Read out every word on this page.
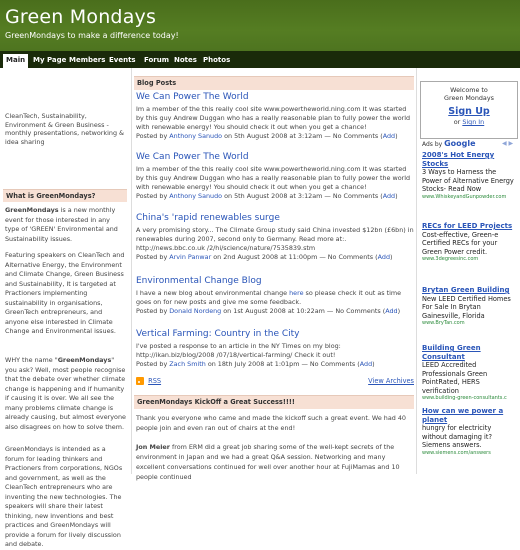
Green Mondays
GreenMondays to make a difference today!
Main	My Page Members Events	Forum Notes Photos
CleanTech, Sustainability, Environment & Green Business - monthly presentations, networking & idea sharing
What is GreenMondays?
GreenMondays is a new monthly event for those interested in any type of 'GREEN' Environmental and Sustainability issues.
Featuring speakers on CleanTech and Alternative Energy, the Environment and Climate Change, Green Business and Sustainability, It is targeted at Practioners implementing sustainability in organisations, GreenTech entrepreneurs, and anyone else interested in Climate Change and Environmental issues.
WHY the name "GreenMondays" you ask? Well, most people recognise that the debate over whether climate change is happening and if humanity if causing it is over. We all see the many problems climate change is already causing, but almost everyone also disagrees on how to solve them.
GreenMondays is intended as a forum for leading thinkers and Practioners from corporations, NGOs and government, as well as the CleanTech entrepreneurs who are inventing the new technologies. The speakers will share their latest thinking, new inventions and best practices and GreenMondays will provide a forum for lively discussion and debate.
Blog Posts
We Can Power The World
Im a member of the this really cool site www.powertheworld.ning.com It was started by this guy Andrew Duggan who has a really reasonable plan to fully power the world with renewable energy! You should check it out when you get a chance!
Posted by Anthony Sanudo on 5th August 2008 at 3:12am — No Comments (Add)
We Can Power The World
Im a member of the this really cool site www.powertheworld.ning.com It was started by this guy Andrew Duggan who has a really reasonable plan to fully power the world with renewable energy! You should check it out when you get a chance!
Posted by Anthony Sanudo on 5th August 2008 at 3:12am — No Comments (Add)
China's 'rapid renewables surge
A very promising story... The Climate Group study said China invested $12bn (£6bn) in renewables during 2007, second only to Germany. Read more at:. http://news.bbc.co.uk /2/hi/science/nature/7535839.stm
Posted by Arvin Panwar on 2nd August 2008 at 11:00pm — No Comments (Add)
Environmental Change Blog
I have a new blog about environmental change here so please check it out as time goes on for new posts and give me some feedback.
Posted by Donald Nordeng on 1st August 2008 at 10:22am — No Comments (Add)
Vertical Farming: Country in the City
I've posted a response to an article in the NY Times on my blog: http://ikan.biz/blog/2008 /07/18/vertical-farming/ Check it out!
Posted by Zach Smith on 18th July 2008 at 1:01pm — No Comments (Add)
RSS	View Archives
GreenMondays KickOff a Great Success!!!!
Thank you everyone who came and made the kickoff such a great event. We had 40 people join and even ran out of chairs at the end!
Jon Meier from ERM did a great job sharing some of the well-kept secrets of the environment in Japan and we had a great Q&A session. Networking and many excellent conversations continued for well over another hour at FujiMamas and 10 people continued
Welcome to
Green Mondays
Sign Up
or Sign In
Ads by Google	◀ ▶
2008's Hot Energy Stocks
3 Ways to Harness the Power of Alternative Energy Stocks- Read Now
www.WhiskeyandGunpowder.com
RECs for LEED Projects
Cost-effective, Green-e Certified RECs for your Green Power credit.
www.3degreesinc.com
Brytan Green Building
New LEED Certified Homes For Sale In Brytan Gainesville, Florida
www.BryTan.com
Building Green Consultant
LEED Accredited Professionals Green PointRated, HERS verification
www.building-green-consultants.c
How can we power a planet
hungry for electricity without damaging it? Siemens answers.
www.siemens.com/answers
